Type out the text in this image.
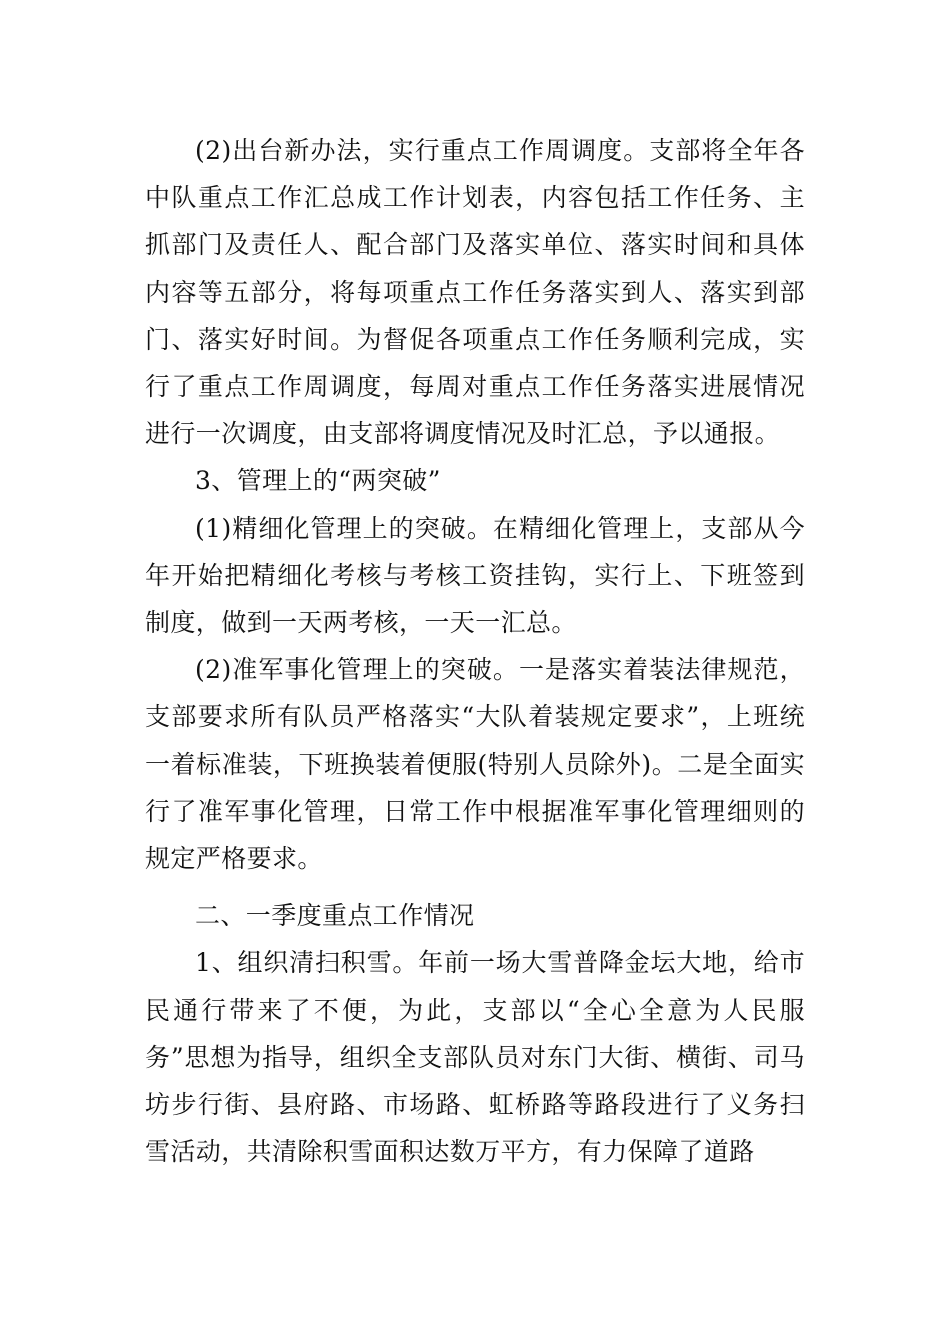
(2)出台新办法，实行重点工作周调度。支部将全年各中队重点工作汇总成工作计划表，内容包括工作任务、主抓部门及责任人、配合部门及落实单位、落实时间和具体内容等五部分，将每项重点工作任务落实到人、落实到部门、落实好时间。为督促各项重点工作任务顺利完成，实行了重点工作周调度，每周对重点工作任务落实进展情况进行一次调度，由支部将调度情况及时汇总，予以通报。

3、管理上的“两突破”

(1)精细化管理上的突破。在精细化管理上，支部从今年开始把精细化考核与考核工资挂钩，实行上、下班签到制度，做到一天两考核，一天一汇总。

(2)准军事化管理上的突破。一是落实着装法律规范，支部要求所有队员严格落实“大队着装规定要求”，上班统一着标准装，下班换装着便服(特别人员除外)。二是全面实行了准军事化管理，日常工作中根据准军事化管理细则的规定严格要求。

二、一季度重点工作情况

1、组织清扫积雪。年前一场大雪普降金坛大地，给市民通行带来了不便，为此，支部以“全心全意为人民服务”思想为指导，组织全支部队员对东门大街、横街、司马坊步行街、县府路、市场路、虹桥路等路段进行了义务扫雪活动，共清除积雪面积达数万平方，有力保障了道路
